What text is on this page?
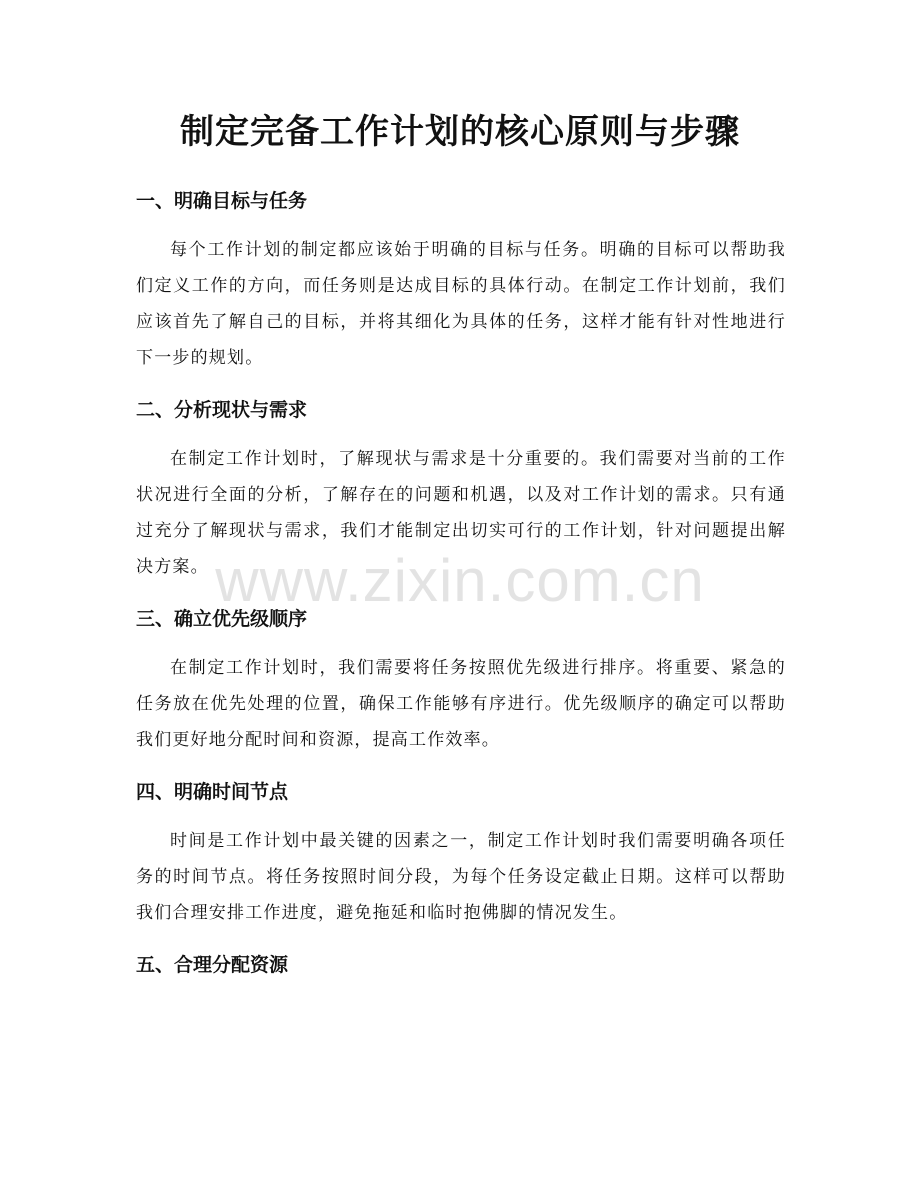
制定完备工作计划的核心原则与步骤
一、明确目标与任务
每个工作计划的制定都应该始于明确的目标与任务。明确的目标可以帮助我们定义工作的方向，而任务则是达成目标的具体行动。在制定工作计划前，我们应该首先了解自己的目标，并将其细化为具体的任务，这样才能有针对性地进行下一步的规划。
二、分析现状与需求
在制定工作计划时，了解现状与需求是十分重要的。我们需要对当前的工作状况进行全面的分析，了解存在的问题和机遇，以及对工作计划的需求。只有通过充分了解现状与需求，我们才能制定出切实可行的工作计划，针对问题提出解决方案。
三、确立优先级顺序
在制定工作计划时，我们需要将任务按照优先级进行排序。将重要、紧急的任务放在优先处理的位置，确保工作能够有序进行。优先级顺序的确定可以帮助我们更好地分配时间和资源，提高工作效率。
四、明确时间节点
时间是工作计划中最关键的因素之一，制定工作计划时我们需要明确各项任务的时间节点。将任务按照时间分段，为每个任务设定截止日期。这样可以帮助我们合理安排工作进度，避免拖延和临时抱佛脚的情况发生。
五、合理分配资源
www.zixin.com.cn
